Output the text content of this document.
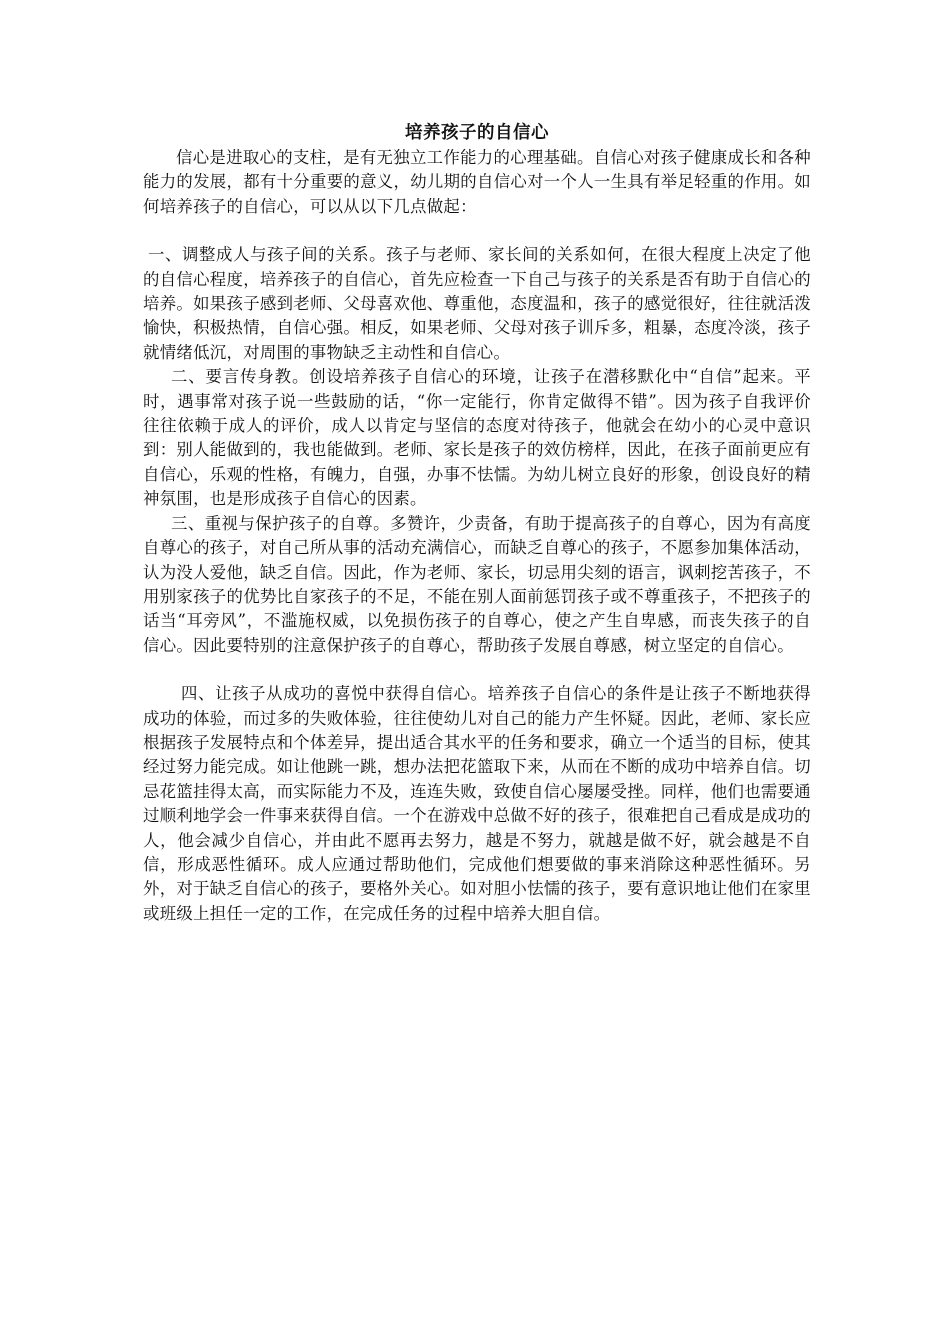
培养孩子的自信心

信心是进取心的支柱，是有无独立工作能力的心理基础。自信心对孩子健康成长和各种能力的发展，都有十分重要的意义，幼儿期的自信心对一个人一生具有举足轻重的作用。如何培养孩子的自信心，可以从以下几点做起：

一、调整成人与孩子间的关系。孩子与老师、家长间的关系如何，在很大程度上决定了他的自信心程度，培养孩子的自信心，首先应检查一下自己与孩子的关系是否有助于自信心的培养。如果孩子感到老师、父母喜欢他、尊重他，态度温和，孩子的感觉很好，往往就活泼愉快，积极热情，自信心强。相反，如果老师、父母对孩子训斥多，粗暴，态度冷淡，孩子就情绪低沉，对周围的事物缺乏主动性和自信心。

二、要言传身教。创设培养孩子自信心的环境，让孩子在潜移默化中“自信”起来。平时，遇事常对孩子说一些鼓励的话，“你一定能行，你肯定做得不错”。因为孩子自我评价往往依赖于成人的评价，成人以肯定与坚信的态度对待孩子，他就会在幼小的心灵中意识到：别人能做到的，我也能做到。老师、家长是孩子的效仿榜样，因此，在孩子面前更应有自信心，乐观的性格，有魄力，自强，办事不怯懦。为幼儿树立良好的形象，创设良好的精神氛围，也是形成孩子自信心的因素。

三、重视与保护孩子的自尊。多赞许，少责备，有助于提高孩子的自尊心，因为有高度自尊心的孩子，对自己所从事的活动充满信心，而缺乏自尊心的孩子，不愿参加集体活动，认为没人爱他，缺乏自信。因此，作为老师、家长，切忌用尖刻的语言，讽刺挖苦孩子，不用别家孩子的优势比自家孩子的不足，不能在别人面前惩罚孩子或不尊重孩子，不把孩子的话当“耳旁风”，不滥施权威，以免损伤孩子的自尊心，使之产生自卑感，而丧失孩子的自信心。因此要特别的注意保护孩子的自尊心，帮助孩子发展自尊感，树立坚定的自信心。

四、让孩子从成功的喜悦中获得自信心。培养孩子自信心的条件是让孩子不断地获得成功的体验，而过多的失败体验，往往使幼儿对自己的能力产生怀疑。因此，老师、家长应根据孩子发展特点和个体差异，提出适合其水平的任务和要求，确立一个适当的目标，使其经过努力能完成。如让他跳一跳，想办法把花篮取下来，从而在不断的成功中培养自信。切忌花篮挂得太高，而实际能力不及，连连失败，致使自信心屡屡受挫。同样，他们也需要通过顺利地学会一件事来获得自信。一个在游戏中总做不好的孩子，很难把自己看成是成功的人，他会减少自信心，并由此不愿再去努力，越是不努力，就越是做不好，就会越是不自信，形成恶性循环。成人应通过帮助他们，完成他们想要做的事来消除这种恶性循环。另外，对于缺乏自信心的孩子，要格外关心。如对胆小怯懦的孩子，要有意识地让他们在家里或班级上担任一定的工作，在完成任务的过程中培养大胆自信。
